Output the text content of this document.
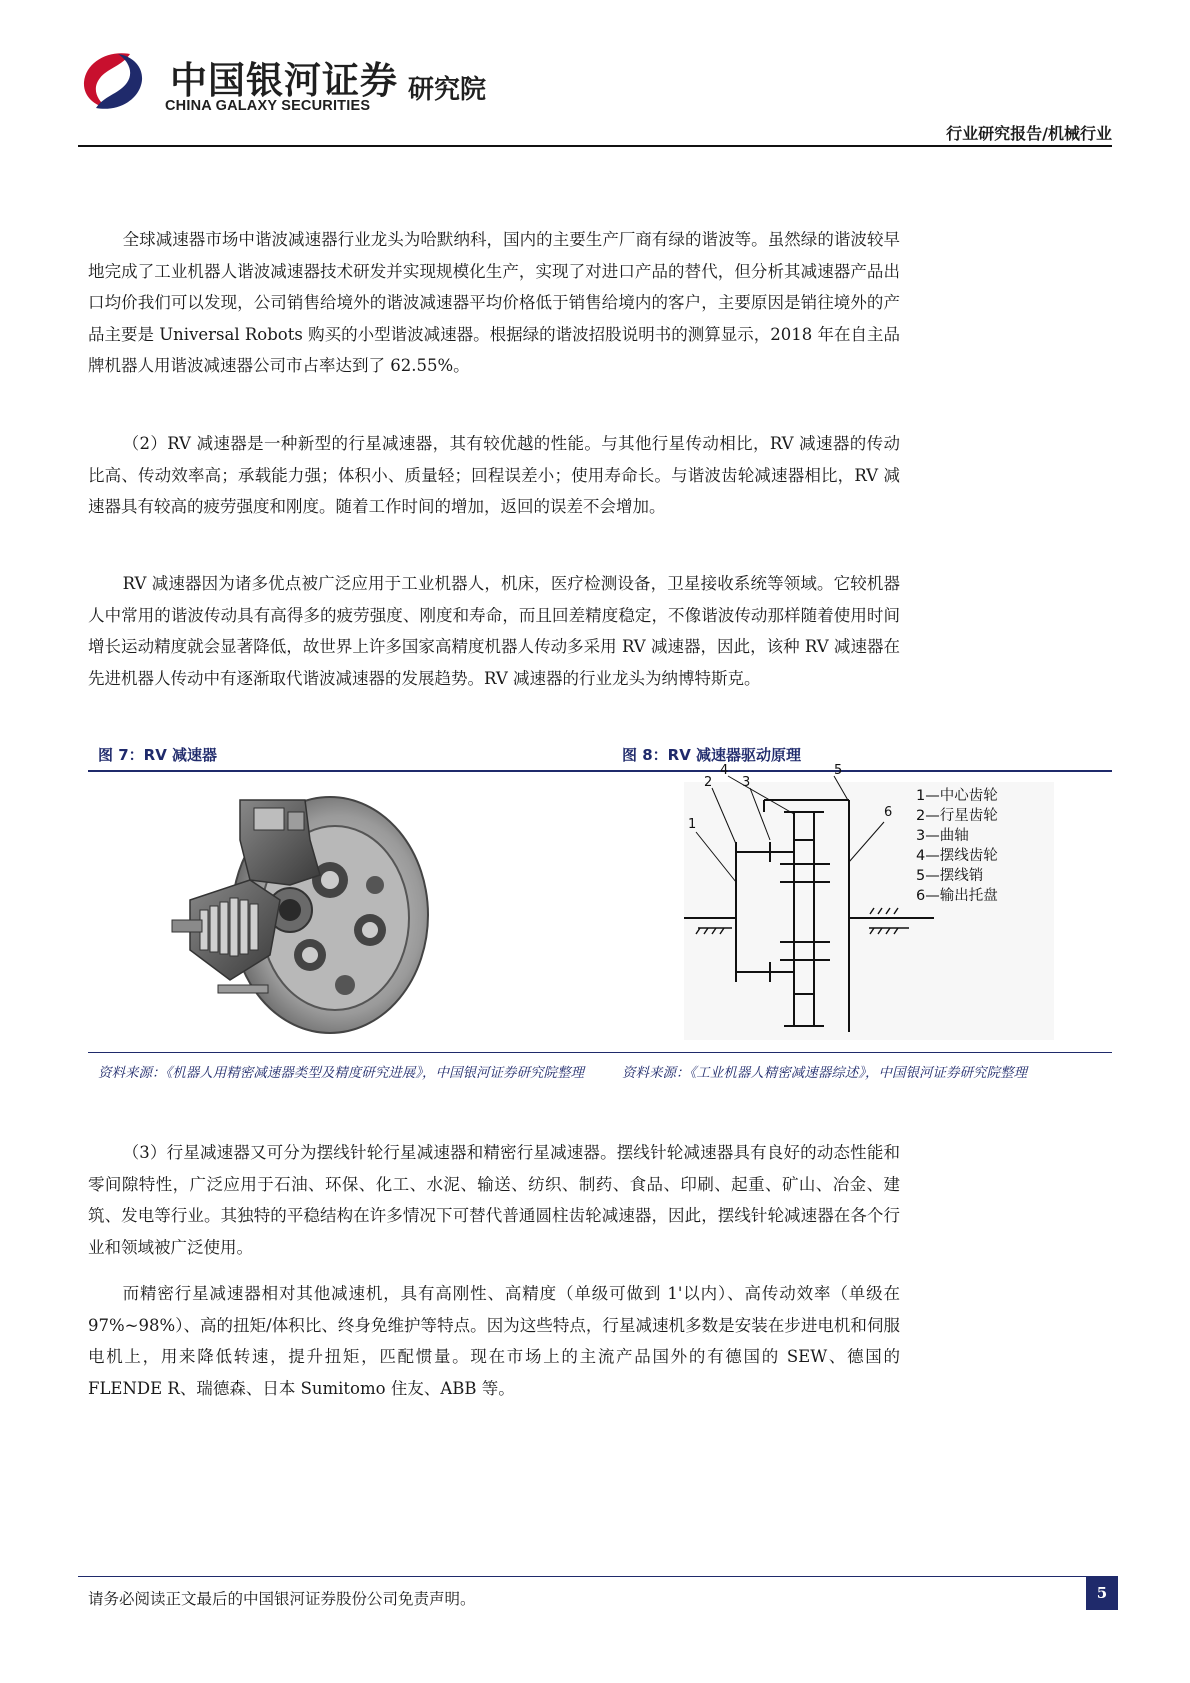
中国银河证券
CHINA GALAXY SECURITIES
研究院
行业研究报告/机械行业

全球减速器市场中谐波减速器行业龙头为哈默纳科，国内的主要生产厂商有绿的谐波等。虽然绿的谐波较早地完成了工业机器人谐波减速器技术研发并实现规模化生产，实现了对进口产品的替代，但分析其减速器产品出口均价我们可以发现，公司销售给境外的谐波减速器平均价格低于销售给境内的客户，主要原因是销往境外的产品主要是 Universal Robots 购买的小型谐波减速器。根据绿的谐波招股说明书的测算显示，2018 年在自主品牌机器人用谐波减速器公司市占率达到了 62.55%。

（2）RV 减速器是一种新型的行星减速器，其有较优越的性能。与其他行星传动相比，RV 减速器的传动比高、传动效率高；承载能力强；体积小、质量轻；回程误差小；使用寿命长。与谐波齿轮减速器相比，RV 减速器具有较高的疲劳强度和刚度。随着工作时间的增加，返回的误差不会增加。

RV 减速器因为诸多优点被广泛应用于工业机器人，机床，医疗检测设备，卫星接收系统等领域。它较机器人中常用的谐波传动具有高得多的疲劳强度、刚度和寿命，而且回差精度稳定，不像谐波传动那样随着使用时间增长运动精度就会显著降低，故世界上许多国家高精度机器人传动多采用 RV 减速器，因此，该种 RV 减速器在先进机器人传动中有逐渐取代谐波减速器的发展趋势。RV 减速器的行业龙头为纳博特斯克。

图 7：RV 减速器
资料来源：《机器人用精密减速器类型及精度研究进展》，中国银河证券研究院整理
图 8：RV 减速器驱动原理
1
2 3
4	5
6
1—中心齿轮
2—行星齿轮
3—曲轴
4—摆线齿轮
5—摆线销
6—输出托盘
资料来源：《工业机器人精密减速器综述》，中国银河证券研究院整理

（3）行星减速器又可分为摆线针轮行星减速器和精密行星减速器。摆线针轮减速器具有良好的动态性能和零间隙特性，广泛应用于石油、环保、化工、水泥、输送、纺织、制药、食品、印刷、起重、矿山、冶金、建筑、发电等行业。其独特的平稳结构在许多情况下可替代普通圆柱齿轮减速器，因此，摆线针轮减速器在各个行业和领域被广泛使用。

而精密行星减速器相对其他减速机，具有高刚性、高精度（单级可做到 1'以内）、高传动效率（单级在 97%~98%）、高的扭矩/体积比、终身免维护等特点。因为这些特点，行星减速机多数是安装在步进电机和伺服电机上，用来降低转速，提升扭矩，匹配惯量。现在市场上的主流产品国外的有德国的 SEW、德国的 FLENDE R、瑞德森、日本 Sumitomo 住友、ABB 等。

请务必阅读正文最后的中国银河证券股份公司免责声明。	5
